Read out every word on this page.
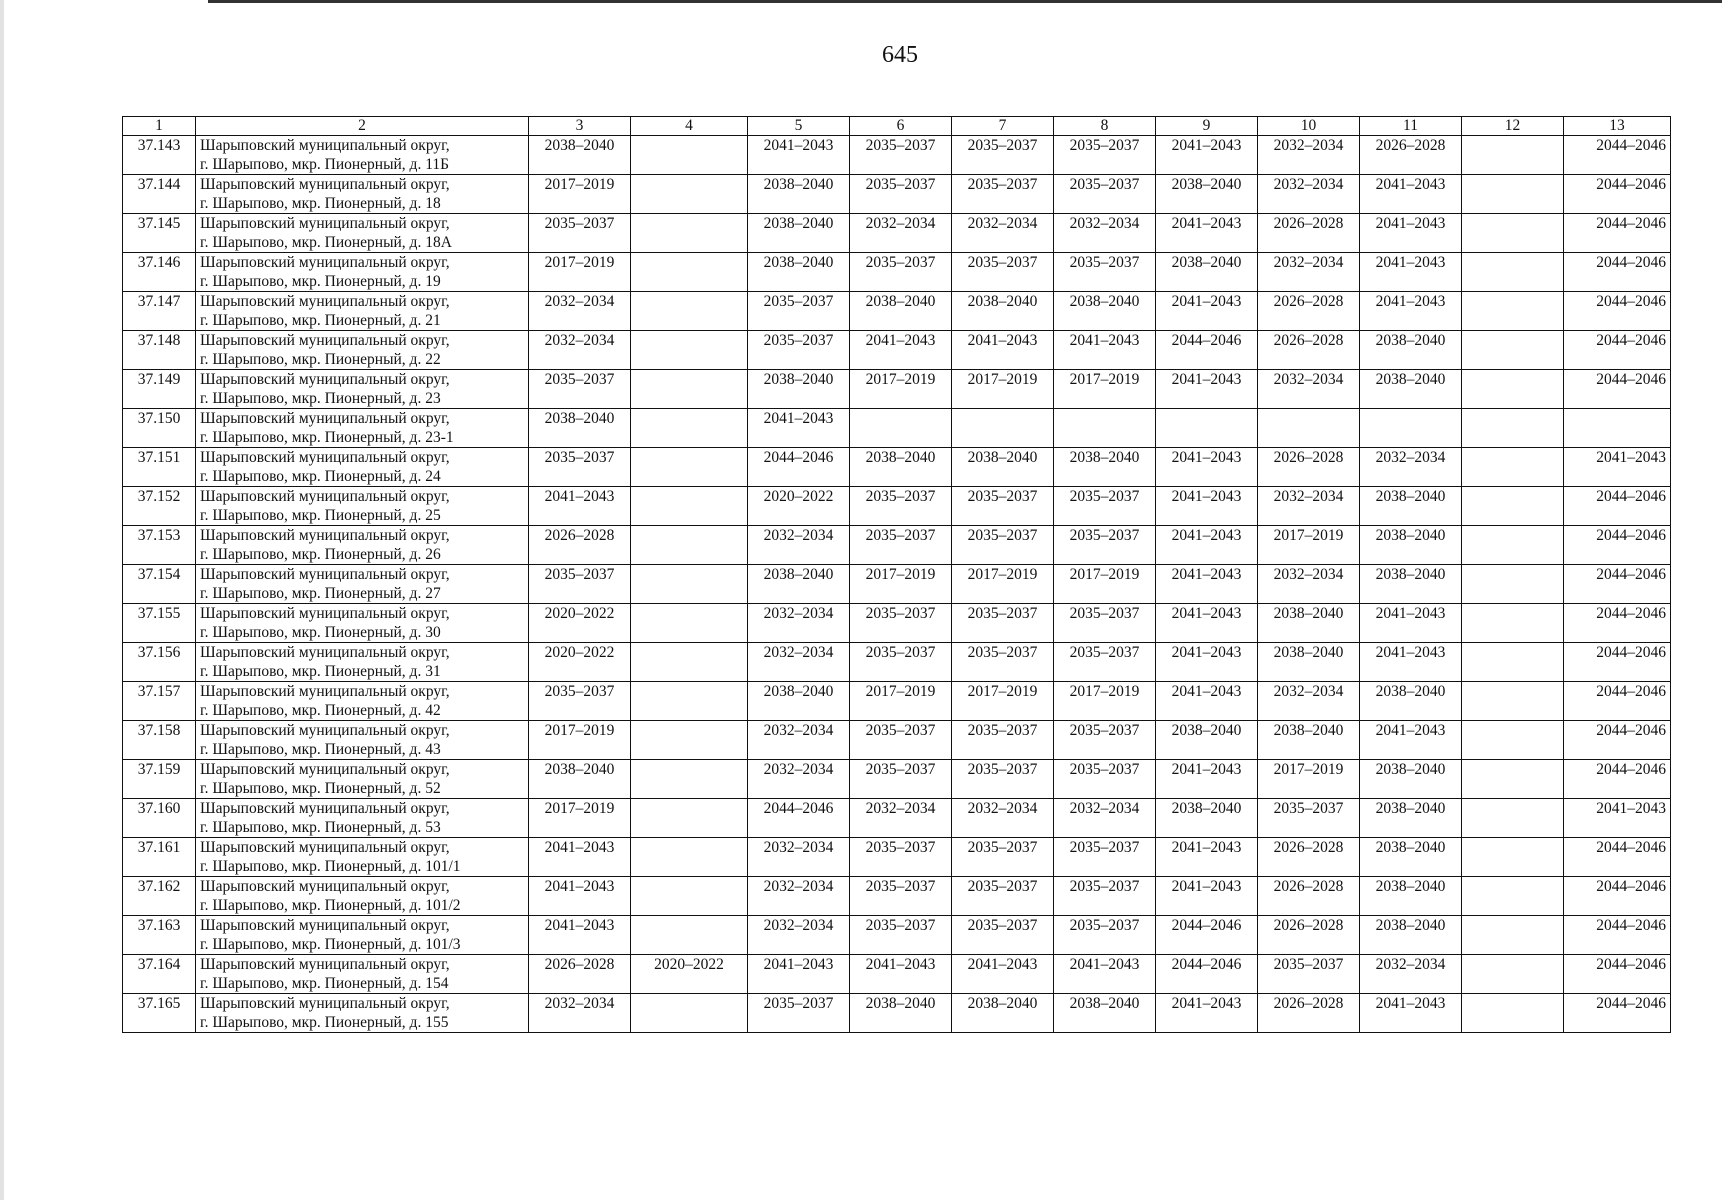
645
1	2	3	4	5	6	7	8	9	10	11	12	13
37.143	Шарыповский муниципальный округ,
г. Шарыпово, мкр. Пионерный, д. 11Б	2038–2040		2041–2043	2035–2037	2035–2037	2035–2037	2041–2043	2032–2034	2026–2028		2044–2046
37.144	Шарыповский муниципальный округ,
г. Шарыпово, мкр. Пионерный, д. 18	2017–2019		2038–2040	2035–2037	2035–2037	2035–2037	2038–2040	2032–2034	2041–2043		2044–2046
37.145	Шарыповский муниципальный округ,
г. Шарыпово, мкр. Пионерный, д. 18А	2035–2037		2038–2040	2032–2034	2032–2034	2032–2034	2041–2043	2026–2028	2041–2043		2044–2046
37.146	Шарыповский муниципальный округ,
г. Шарыпово, мкр. Пионерный, д. 19	2017–2019		2038–2040	2035–2037	2035–2037	2035–2037	2038–2040	2032–2034	2041–2043		2044–2046
37.147	Шарыповский муниципальный округ,
г. Шарыпово, мкр. Пионерный, д. 21	2032–2034		2035–2037	2038–2040	2038–2040	2038–2040	2041–2043	2026–2028	2041–2043		2044–2046
37.148	Шарыповский муниципальный округ,
г. Шарыпово, мкр. Пионерный, д. 22	2032–2034		2035–2037	2041–2043	2041–2043	2041–2043	2044–2046	2026–2028	2038–2040		2044–2046
37.149	Шарыповский муниципальный округ,
г. Шарыпово, мкр. Пионерный, д. 23	2035–2037		2038–2040	2017–2019	2017–2019	2017–2019	2041–2043	2032–2034	2038–2040		2044–2046
37.150	Шарыповский муниципальный округ,
г. Шарыпово, мкр. Пионерный, д. 23-1	2038–2040		2041–2043								
37.151	Шарыповский муниципальный округ,
г. Шарыпово, мкр. Пионерный, д. 24	2035–2037		2044–2046	2038–2040	2038–2040	2038–2040	2041–2043	2026–2028	2032–2034		2041–2043
37.152	Шарыповский муниципальный округ,
г. Шарыпово, мкр. Пионерный, д. 25	2041–2043		2020–2022	2035–2037	2035–2037	2035–2037	2041–2043	2032–2034	2038–2040		2044–2046
37.153	Шарыповский муниципальный округ,
г. Шарыпово, мкр. Пионерный, д. 26	2026–2028		2032–2034	2035–2037	2035–2037	2035–2037	2041–2043	2017–2019	2038–2040		2044–2046
37.154	Шарыповский муниципальный округ,
г. Шарыпово, мкр. Пионерный, д. 27	2035–2037		2038–2040	2017–2019	2017–2019	2017–2019	2041–2043	2032–2034	2038–2040		2044–2046
37.155	Шарыповский муниципальный округ,
г. Шарыпово, мкр. Пионерный, д. 30	2020–2022		2032–2034	2035–2037	2035–2037	2035–2037	2041–2043	2038–2040	2041–2043		2044–2046
37.156	Шарыповский муниципальный округ,
г. Шарыпово, мкр. Пионерный, д. 31	2020–2022		2032–2034	2035–2037	2035–2037	2035–2037	2041–2043	2038–2040	2041–2043		2044–2046
37.157	Шарыповский муниципальный округ,
г. Шарыпово, мкр. Пионерный, д. 42	2035–2037		2038–2040	2017–2019	2017–2019	2017–2019	2041–2043	2032–2034	2038–2040		2044–2046
37.158	Шарыповский муниципальный округ,
г. Шарыпово, мкр. Пионерный, д. 43	2017–2019		2032–2034	2035–2037	2035–2037	2035–2037	2038–2040	2038–2040	2041–2043		2044–2046
37.159	Шарыповский муниципальный округ,
г. Шарыпово, мкр. Пионерный, д. 52	2038–2040		2032–2034	2035–2037	2035–2037	2035–2037	2041–2043	2017–2019	2038–2040		2044–2046
37.160	Шарыповский муниципальный округ,
г. Шарыпово, мкр. Пионерный, д. 53	2017–2019		2044–2046	2032–2034	2032–2034	2032–2034	2038–2040	2035–2037	2038–2040		2041–2043
37.161	Шарыповский муниципальный округ,
г. Шарыпово, мкр. Пионерный, д. 101/1	2041–2043		2032–2034	2035–2037	2035–2037	2035–2037	2041–2043	2026–2028	2038–2040		2044–2046
37.162	Шарыповский муниципальный округ,
г. Шарыпово, мкр. Пионерный, д. 101/2	2041–2043		2032–2034	2035–2037	2035–2037	2035–2037	2041–2043	2026–2028	2038–2040		2044–2046
37.163	Шарыповский муниципальный округ,
г. Шарыпово, мкр. Пионерный, д. 101/3	2041–2043		2032–2034	2035–2037	2035–2037	2035–2037	2044–2046	2026–2028	2038–2040		2044–2046
37.164	Шарыповский муниципальный округ,
г. Шарыпово, мкр. Пионерный, д. 154	2026–2028	2020–2022	2041–2043	2041–2043	2041–2043	2041–2043	2044–2046	2035–2037	2032–2034		2044–2046
37.165	Шарыповский муниципальный округ,
г. Шарыпово, мкр. Пионерный, д. 155	2032–2034		2035–2037	2038–2040	2038–2040	2038–2040	2041–2043	2026–2028	2041–2043		2044–2046
